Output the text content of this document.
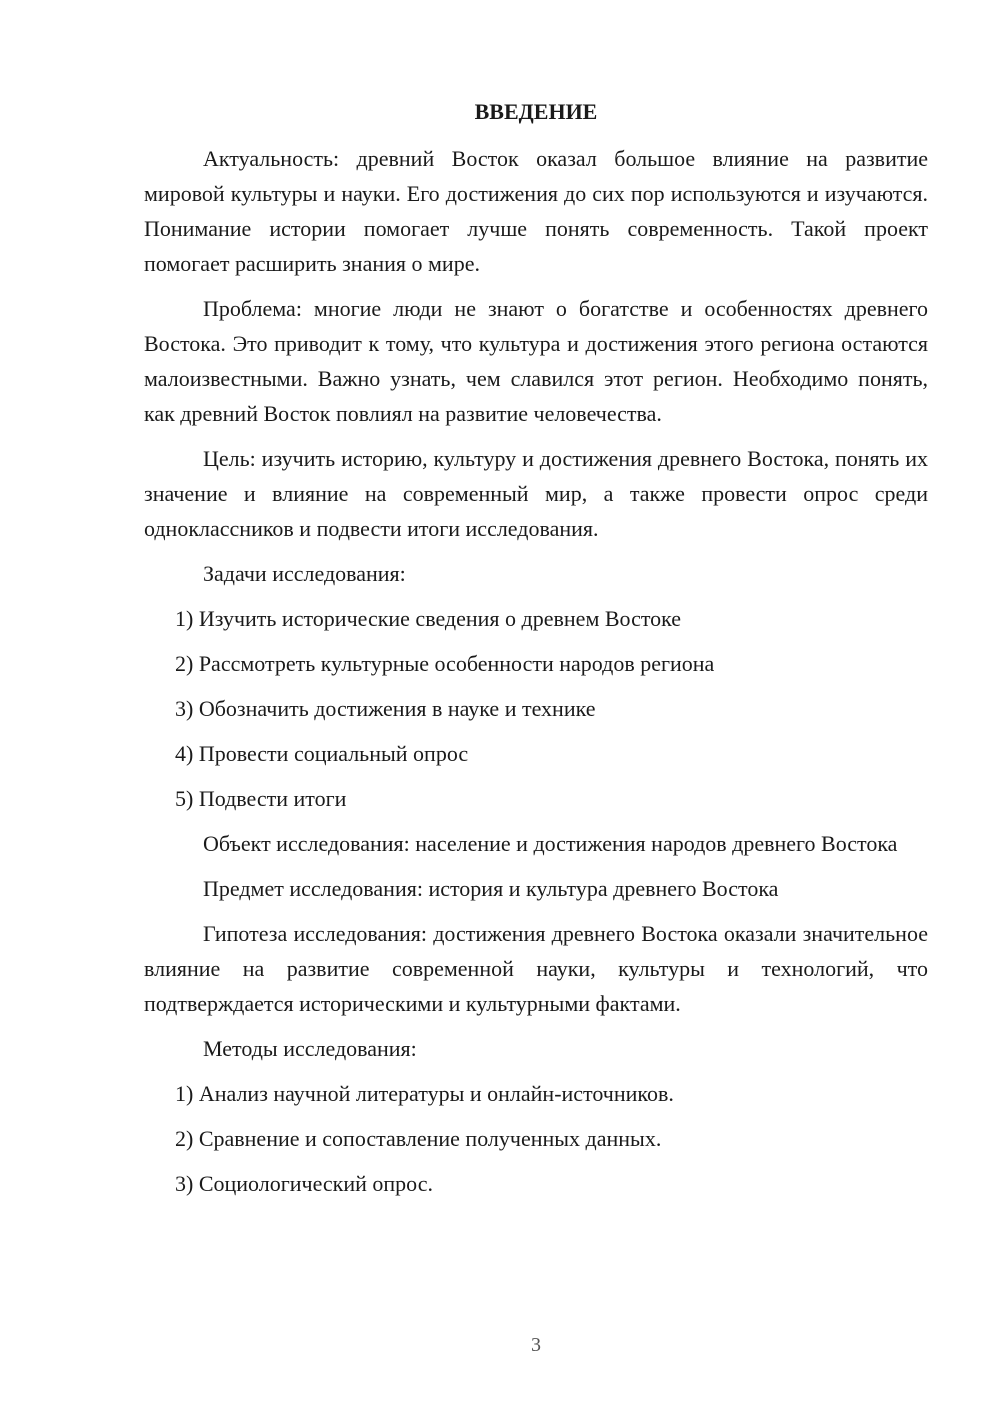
ВВЕДЕНИЕ

Актуальность: древний Восток оказал большое влияние на развитие мировой культуры и науки. Его достижения до сих пор используются и изучаются. Понимание истории помогает лучше понять современность. Такой проект помогает расширить знания о мире.

Проблема: многие люди не знают о богатстве и особенностях древнего Востока. Это приводит к тому, что культура и достижения этого региона остаются малоизвестными. Важно узнать, чем славился этот регион. Необходимо понять, как древний Восток повлиял на развитие человечества.

Цель: изучить историю, культуру и достижения древнего Востока, понять их значение и влияние на современный мир, а также провести опрос среди одноклассников и подвести итоги исследования.

Задачи исследования:

1) Изучить исторические сведения о древнем Востоке

2) Рассмотреть культурные особенности народов региона

3) Обозначить достижения в науке и технике

4) Провести социальный опрос

5) Подвести итоги

Объект исследования: население и достижения народов древнего Востока

Предмет исследования: история и культура древнего Востока

Гипотеза исследования: достижения древнего Востока оказали значительное влияние на развитие современной науки, культуры и технологий, что подтверждается историческими и культурными фактами.

Методы исследования:

1) Анализ научной литературы и онлайн-источников.

2) Сравнение и сопоставление полученных данных.

3) Социологический опрос.

3
